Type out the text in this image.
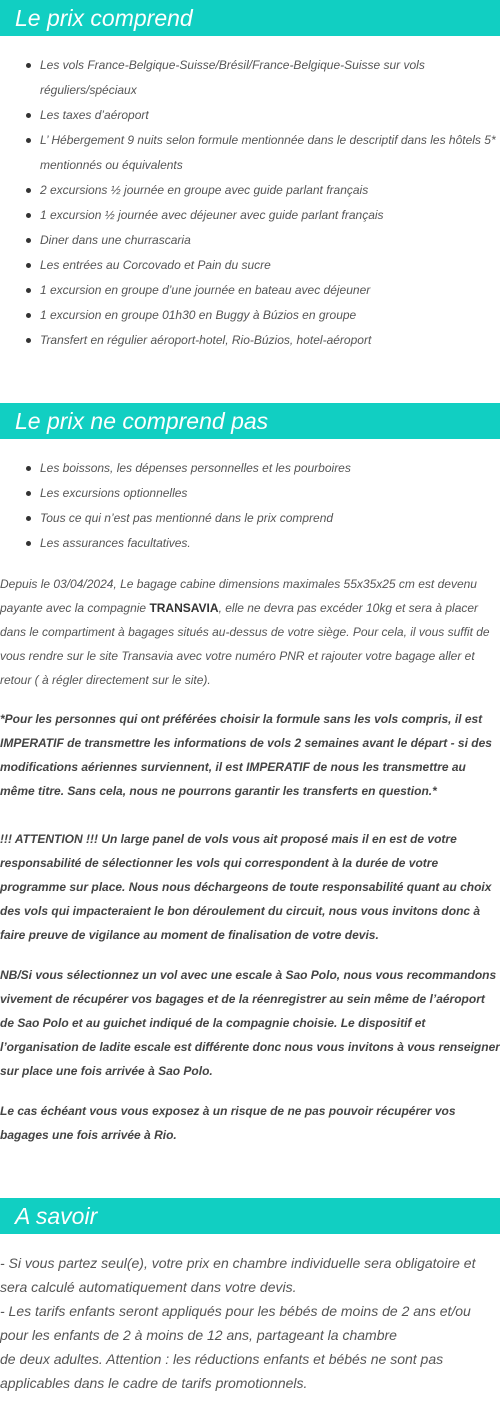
Le prix comprend
Les vols France-Belgique-Suisse/Brésil/France-Belgique-Suisse sur vols réguliers/spéciaux
Les taxes d’aéroport
L’ Hébergement 9 nuits selon formule mentionnée dans le descriptif dans les hôtels 5* mentionnés ou équivalents
2 excursions ½ journée en groupe avec guide parlant français
1 excursion ½ journée avec déjeuner avec guide parlant français
Diner dans une churrascaria
Les entrées au Corcovado et Pain du sucre
1 excursion en groupe d’une journée en bateau avec déjeuner
1 excursion en groupe 01h30 en Buggy à Búzios en groupe
Transfert en régulier aéroport-hotel, Rio-Búzios, hotel-aéroport
Le prix ne comprend pas
Les boissons, les dépenses personnelles et les pourboires
Les excursions optionnelles
Tous ce qui n’est pas mentionné dans le prix comprend
Les assurances facultatives.

Depuis le 03/04/2024, Le bagage cabine dimensions maximales 55x35x25 cm est devenu payante avec la compagnie TRANSAVIA, elle ne devra pas excéder 10kg et sera à placer dans le compartiment à bagages situés au-dessus de votre siège. Pour cela, il vous suffit de vous rendre sur le site Transavia avec votre numéro PNR et rajouter votre bagage aller et retour ( à régler directement sur le site).

*Pour les personnes qui ont préférées choisir la formule sans les vols compris, il est IMPERATIF de transmettre les informations de vols 2 semaines avant le départ - si des modifications aériennes surviennent, il est IMPERATIF de nous les transmettre au même titre. Sans cela, nous ne pourrons garantir les transferts en question.*

!!! ATTENTION !!! Un large panel de vols vous ait proposé mais il en est de votre responsabilité de sélectionner les vols qui correspondent à la durée de votre programme sur place. Nous nous déchargeons de toute responsabilité quant au choix des vols qui impacteraient le bon déroulement du circuit, nous vous invitons donc à faire preuve de vigilance au moment de finalisation de votre devis.

NB/Si vous sélectionnez un vol avec une escale à Sao Polo, nous vous recommandons vivement de récupérer vos bagages et de la réenregistrer au sein même de l’aéroport de Sao Polo et au guichet indiqué de la compagnie choisie. Le dispositif et l’organisation de ladite escale est différente donc nous vous invitons à vous renseigner sur place une fois arrivée à Sao Polo.

Le cas échéant vous vous exposez à un risque de ne pas pouvoir récupérer vos bagages une fois arrivée à Rio.

A savoir

- Si vous partez seul(e), votre prix en chambre individuelle sera obligatoire et sera calculé automatiquement dans votre devis.
- Les tarifs enfants seront appliqués pour les bébés de moins de 2 ans et/ou pour les enfants de 2 à moins de 12 ans, partageant la chambre
de deux adultes. Attention : les réductions enfants et bébés ne sont pas applicables dans le cadre de tarifs promotionnels.
